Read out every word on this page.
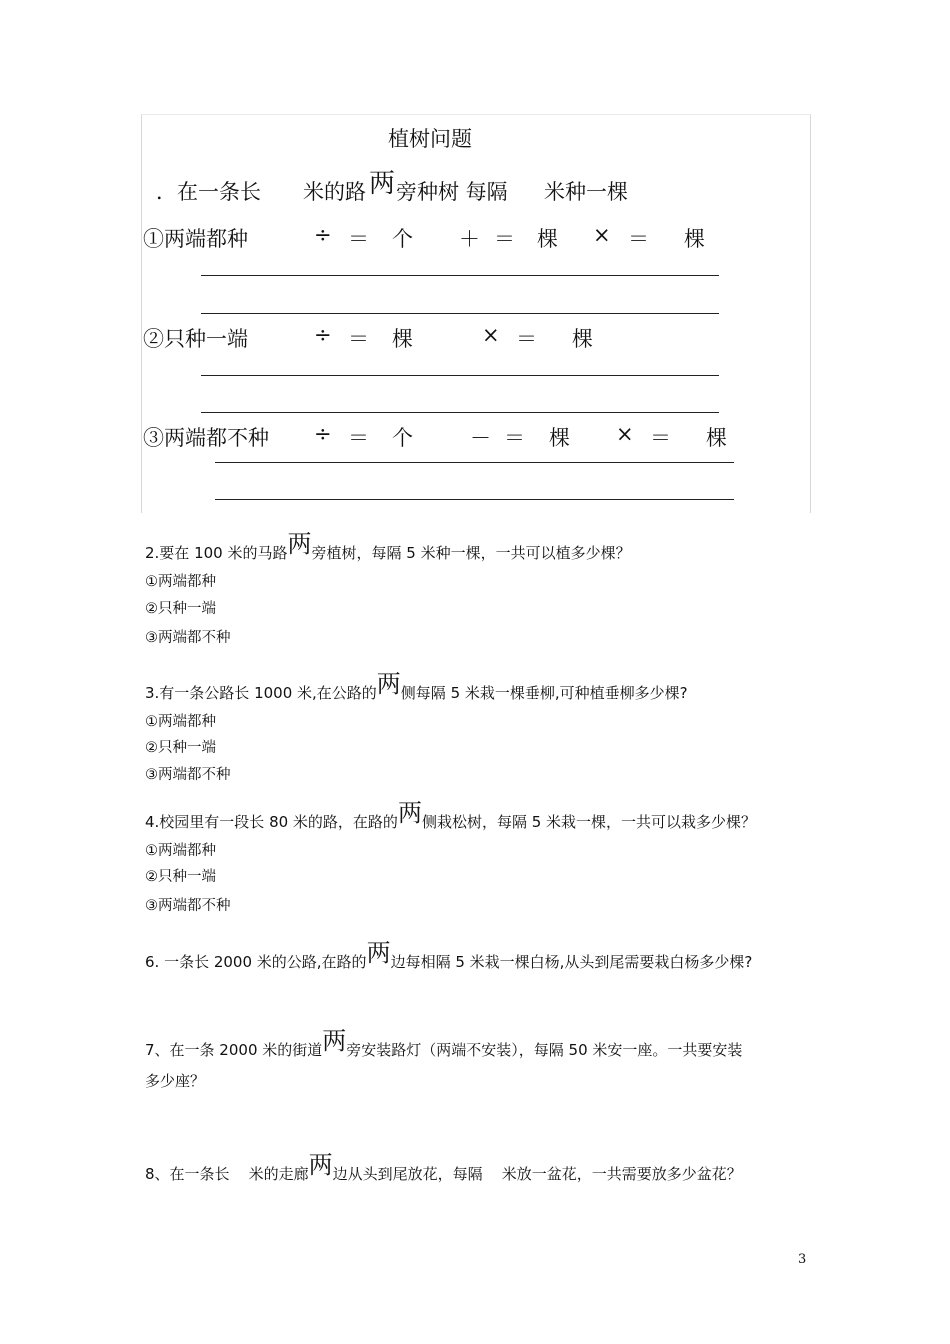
植树问题
．在一条长 米的路 两 旁种树 每隔 米种一棵
①两端都种	÷ ＝ 个 ＋ ＝ 棵 × ＝ 棵
②只种一端	÷ ＝ 棵	× ＝ 棵
③两端都不种 ÷ ＝ 个	－ ＝ 棵 × ＝ 棵
2.要在 100 米的马路两旁植树，每隔 5 米种一棵，一共可以植多少棵？
①两端都种
②只种一端
③两端都不种
3.有一条公路长 1000 米,在公路的两侧每隔 5 米栽一棵垂柳,可种植垂柳多少棵?
①两端都种
②只种一端
③两端都不种
4.校园里有一段长 80 米的路，在路的两侧栽松树，每隔 5 米栽一棵，一共可以栽多少棵？
①两端都种
②只种一端
③两端都不种
6. 一条长 2000 米的公路,在路的两边每相隔 5 米栽一棵白杨,从头到尾需要栽白杨多少棵?
7、在一条 2000 米的街道两旁安装路灯（两端不安装），每隔 50 米安一座。一共要安装
多少座？
8、在一条长    米的走廊两边从头到尾放花，每隔    米放一盆花，一共需要放多少盆花？
3
